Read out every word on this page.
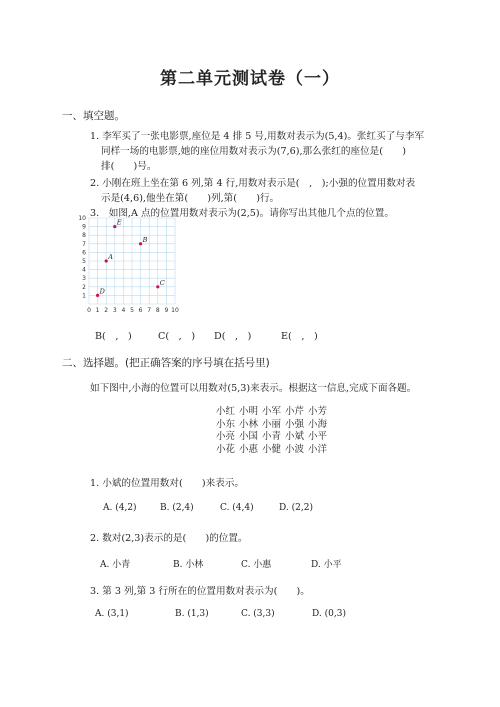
第二单元测试卷（一）
一、填空题。
1. 李军买了一张电影票,座位是 4 排 5 号,用数对表示为(5,4)。张红买了与李军
同样一场的电影票,她的座位用数对表示为(7,6),那么张红的座位是(　　)
排(　　)号。
2. 小刚在班上坐在第 6 列,第 4 行,用数对表示是(　,　);小强的位置用数对表
示是(4,6),他坐在第(　　)列,第(　　)行。
3.　如图,A 点的位置用数对表示为(2,5)。请你写出其他几个点的位置。
0 1 2 3 4 5 6 7 8 9 10
1
2
3
4
5
6
7
8
9
10
A
B
C
D
E
B(　,　)	C(　,　) D(　,　)	E(　,　)
二、选择题。(把正确答案的序号填在括号里)
如下图中,小海的位置可以用数对(5,3)来表示。根据这一信息,完成下面各题。
小红 小明 小军 小芹 小芳
小东 小林 小丽 小强 小海
小亮 小国 小青 小斌 小平
小花 小惠 小健 小波 小洋
1. 小斌的位置用数对(　　)来表示。
A. (4,2)	B. (2,4)	C. (4,4)	D. (2,2)
2. 数对(2,3)表示的是(　　)的位置。
A. 小青	B. 小林	C. 小惠	D. 小平
3. 第 3 列,第 3 行所在的位置用数对表示为(　　)。
A. (3,1)	B. (1,3)	C. (3,3)	D. (0,3)
